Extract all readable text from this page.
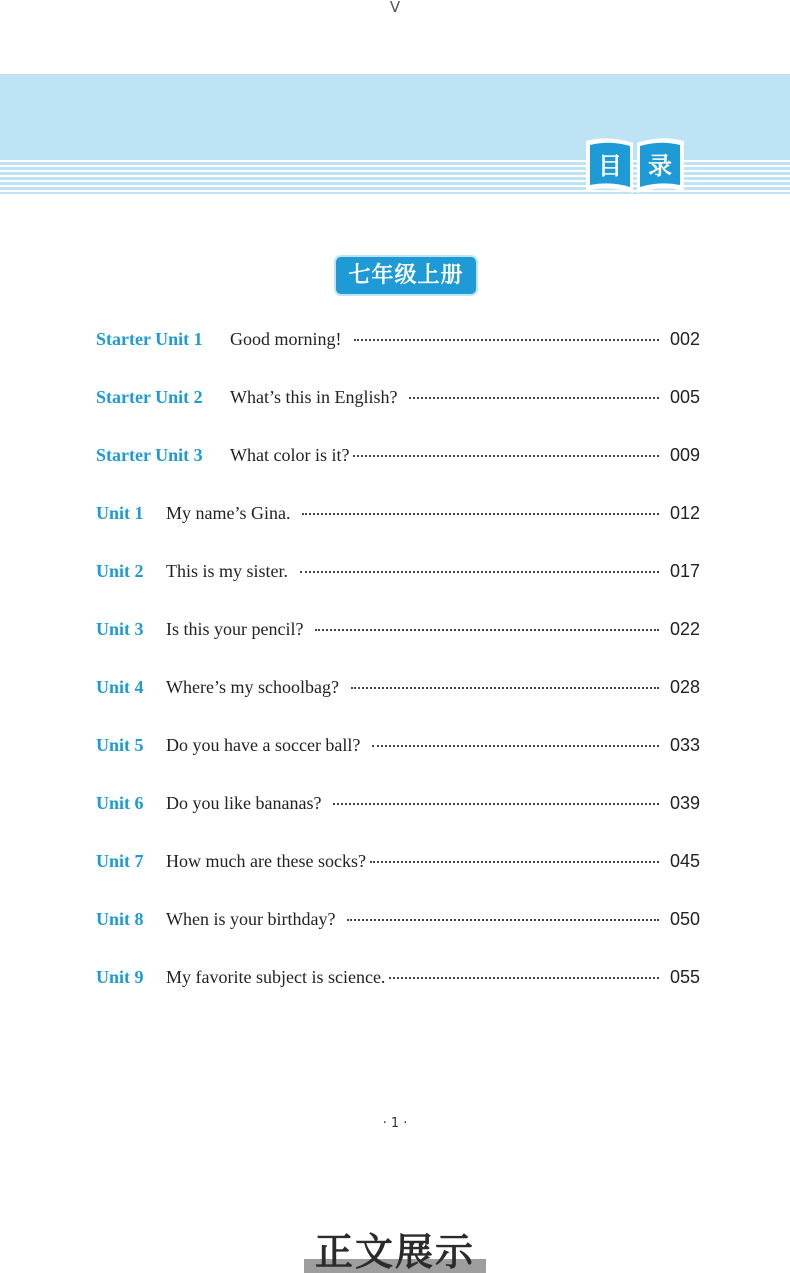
V
目 录
七年级上册
Starter Unit 1	Good morning!	002
Starter Unit 2	What’s this in English?	005
Starter Unit 3	What color is it?	009
Unit 1	My name’s Gina.	012
Unit 2	This is my sister.	017
Unit 3	Is this your pencil?	022
Unit 4	Where’s my schoolbag?	028
Unit 5	Do you have a soccer ball?	033
Unit 6	Do you like bananas?	039
Unit 7	How much are these socks?	045
Unit 8	When is your birthday?	050
Unit 9	My favorite subject is science.	055
· 1 ·
正文展示
